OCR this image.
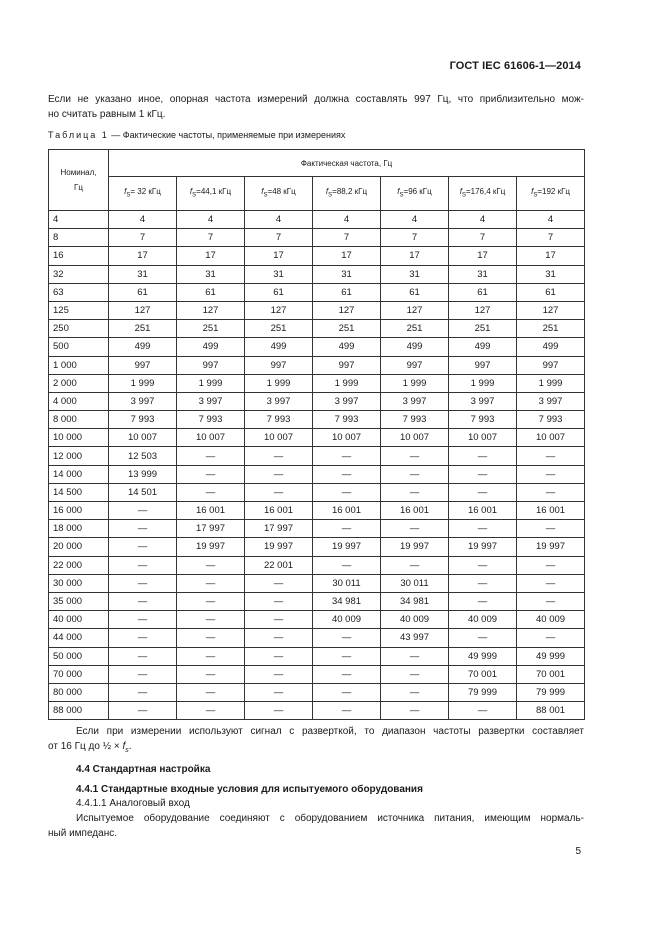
ГОСТ IEC 61606-1—2014
Если не указано иное, опорная частота измерений должна составлять 997 Гц, что приблизительно мож-
но считать равным 1 кГц.
Таблица 1 — Фактические частоты, применяемые при измерениях
Номинал,
Гц	Фактическая частота, Гц						
	$f_S= 32$ кГц	$f_S=44,1$ кГц	$f_S=48$ кГц	$f_S=88,2$ кГц	$f_S=96$ кГц	$f_S=176,4$ кГц	$f_S=192$ кГц
4	4	4	4	4	4	4	4
8	7	7	7	7	7	7	7
16	17	17	17	17	17	17	17
32	31	31	31	31	31	31	31
63	61	61	61	61	61	61	61
125	127	127	127	127	127	127	127
250	251	251	251	251	251	251	251
500	499	499	499	499	499	499	499
1 000	997	997	997	997	997	997	997
2 000	1 999	1 999	1 999	1 999	1 999	1 999	1 999
4 000	3 997	3 997	3 997	3 997	3 997	3 997	3 997
8 000	7 993	7 993	7 993	7 993	7 993	7 993	7 993
10 000	10 007	10 007	10 007	10 007	10 007	10 007	10 007
12 000	12 503	—	—	—	—	—	—
14 000	13 999	—	—	—	—	—	—
14 500	14 501	—	—	—	—	—	—
16 000	—	16 001	16 001	16 001	16 001	16 001	16 001
18 000	—	17 997	17 997	—	—	—	—
20 000	—	19 997	19 997	19 997	19 997	19 997	19 997
22 000	—	—	22 001	—	—	—	—
30 000	—	—	—	30 011	30 011	—	—
35 000	—	—	—	34 981	34 981	—	—
40 000	—	—	—	40 009	40 009	40 009	40 009
44 000	—	—	—	—	43 997	—	—
50 000	—	—	—	—	—	49 999	49 999
70 000	—	—	—	—	—	70 001	70 001
80 000	—	—	—	—	—	79 999	79 999
88 000	—	—	—	—	—	—	88 001
Если при измерении используют сигнал с разверткой, то диапазон частоты развертки составляет
от 16 Гц до ½ × $f_s$.
4.4 Стандартная настройка
4.4.1 Стандартные входные условия для испытуемого оборудования
4.4.1.1 Аналоговый вход
Испытуемое оборудование соединяют с оборудованием источника питания, имеющим нормаль-
ный импеданс.
5
